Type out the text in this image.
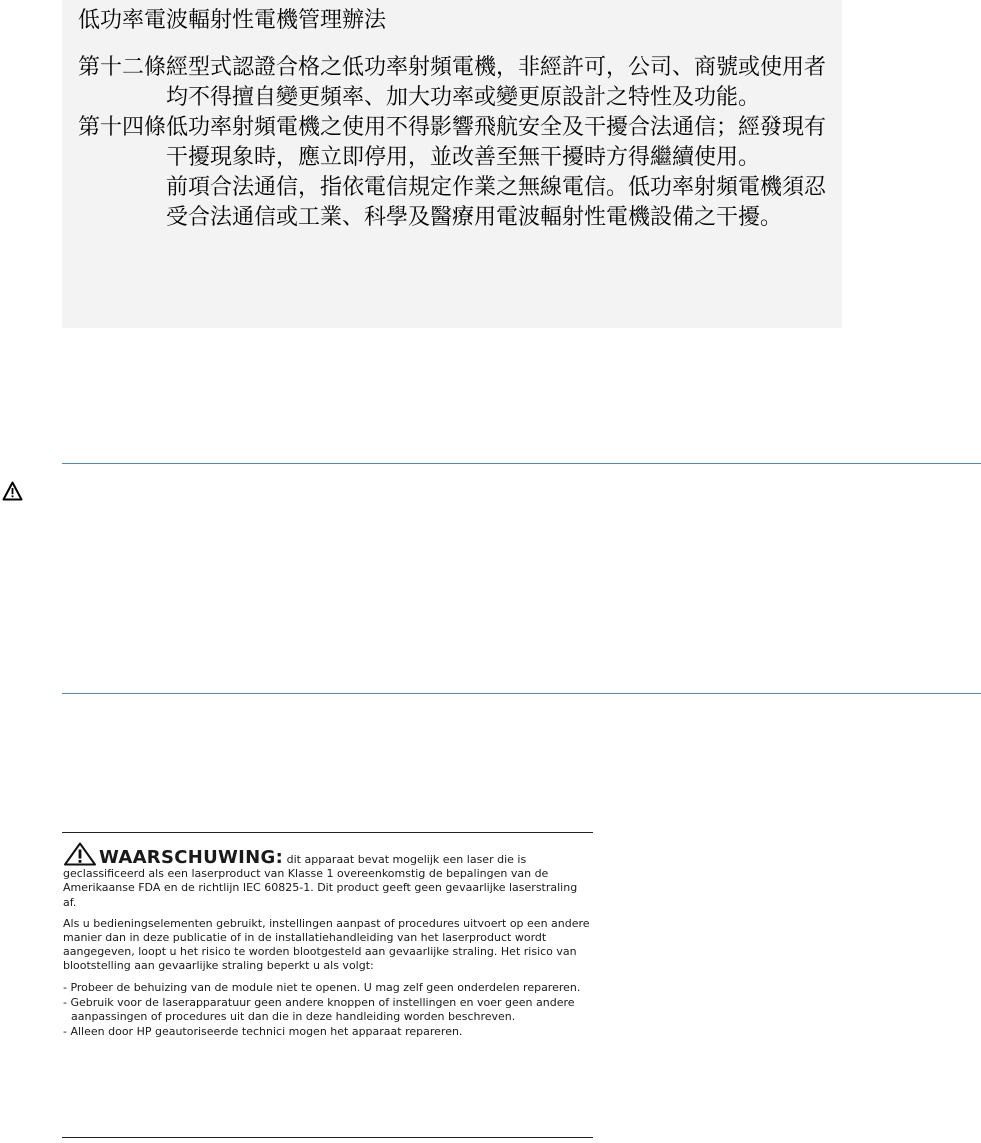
低功率電波輻射性電機管理辦法
第十二條 經型式認證合格之低功率射頻電機，非經許可，公司、商號或使用者均不得擅自變更頻率、加大功率或變更原設計之特性及功能。

第十四條 低功率射頻電機之使用不得影響飛航安全及干擾合法通信；經發現有干擾現象時，應立即停用，並改善至無干擾時方得繼續使用。

前項合法通信，指依電信規定作業之無線電信。低功率射頻電機須忍受合法通信或工業、科學及醫療用電波輻射性電機設備之干擾。

WAARSCHUWING: dit apparaat bevat mogelijk een laser die is geclassificeerd als een laserproduct van Klasse 1 overeenkomstig de bepalingen van de Amerikaanse FDA en de richtlijn IEC 60825-1. Dit product geeft geen gevaarlijke laserstraling af.

Als u bedieningselementen gebruikt, instellingen aanpast of procedures uitvoert op een andere manier dan in deze publicatie of in de installatiehandleiding van het laserproduct wordt aangegeven, loopt u het risico te worden blootgesteld aan gevaarlijke straling. Het risico van blootstelling aan gevaarlijke straling beperkt u als volgt:

- Probeer de behuizing van de module niet te openen. U mag zelf geen onderdelen repareren.
- Gebruik voor de laserapparatuur geen andere knoppen of instellingen en voer geen andere aanpassingen of procedures uit dan die in deze handleiding worden beschreven.
- Alleen door HP geautoriseerde technici mogen het apparaat repareren.
